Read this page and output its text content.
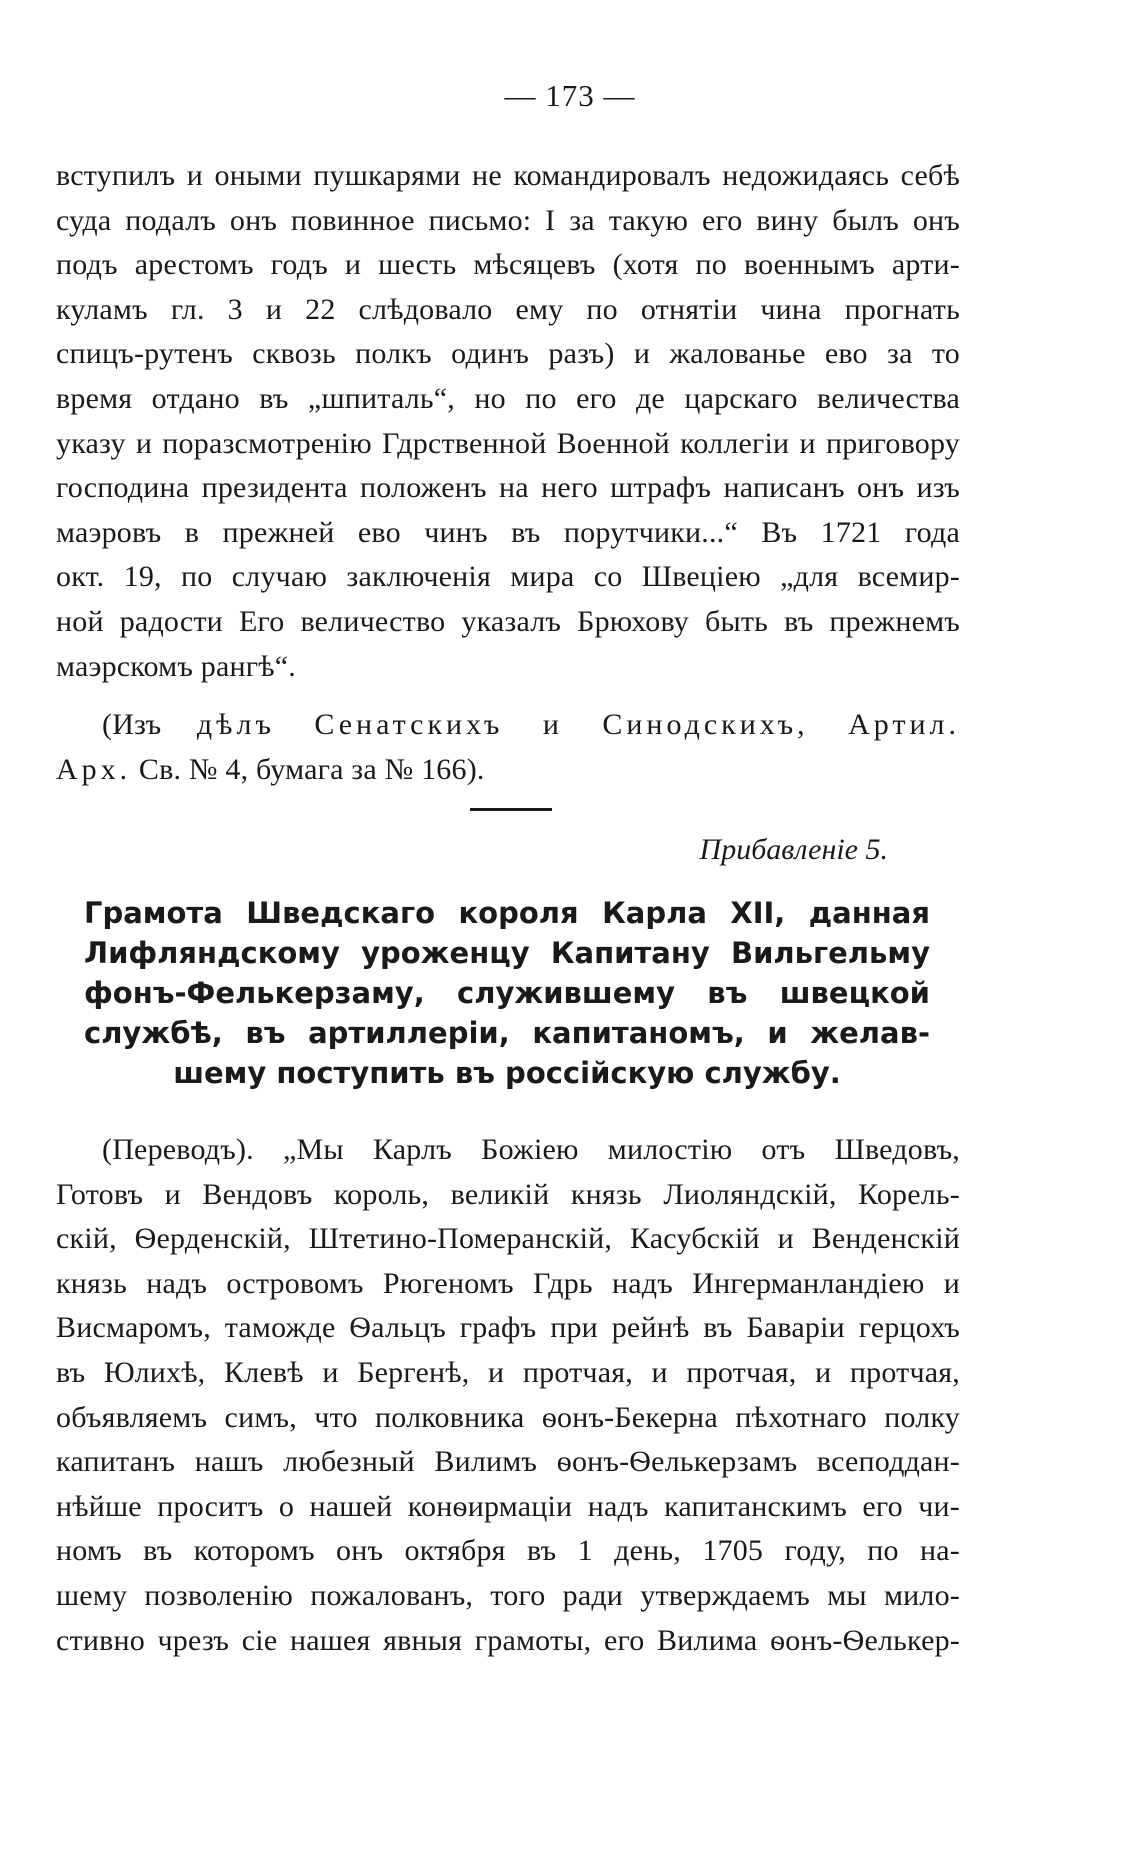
— 173 —
вступилъ и оными пушкарями не командировалъ недожидаясь себѣ
суда подалъ онъ повинное письмо: I за такую его вину былъ онъ
подъ арестомъ годъ и шесть мѣсяцевъ (хотя по военнымъ арти-
куламъ гл. 3 и 22 слѣдовало ему по отнятіи чина прогнать
спицъ-рутенъ сквозь полкъ одинъ разъ) и жалованье ево за то
время отдано въ „шпиталь“, но по его де царскаго величества
указу и поразсмотренію Гдрственной Военной коллегіи и приговору
господина президента положенъ на него штрафъ написанъ онъ изъ
маэровъ в прежней ево чинъ въ порутчики...“ Въ 1721 года
окт. 19, по случаю заключенія мира со Швеціею „для всемир-
ной радости Его величество указалъ Брюхову быть въ прежнемъ
маэрскомъ рангѣ“.
(Изъ дѣлъ Сенатскихъ и Синодскихъ, Артил.
Арх. Св. № 4, бумага за № 166).
Прибавленіе 5.
Грамота Шведскаго короля Карла XII, данная
Лифляндскому уроженцу Капитану Вильгельму
фонъ-Фелькерзаму, служившему въ швецкой
службѣ, въ артиллеріи, капитаномъ, и желав-
шему поступить въ россійскую службу.
(Переводъ). „Мы Карлъ Божіею милостію отъ Шведовъ,
Готовъ и Вендовъ король, великій князь Лиоляндскій, Корель-
скій, Ѳерденскій, Штетино-Померанскій, Касубскій и Венденскій
князь надъ островомъ Рюгеномъ Гдрь надъ Ингерманландіею и
Висмаромъ, таможде Ѳальцъ графъ при рейнѣ въ Баваріи герцохъ
въ Юлихѣ, Клевѣ и Бергенѣ, и протчая, и протчая, и протчая,
объявляемъ симъ, что полковника ѳонъ-Бекерна пѣхотнаго полку
капитанъ нашъ любезный Вилимъ ѳонъ-Ѳелькерзамъ всеподдан-
нѣйше проситъ о нашей конѳирмаціи надъ капитанскимъ его чи-
номъ въ которомъ онъ октября въ 1 день, 1705 году, по на-
шему позволенію пожалованъ, того ради утверждаемъ мы мило-
стивно чрезъ сіе нашея явныя грамоты, его Вилима ѳонъ-Ѳелькер-
